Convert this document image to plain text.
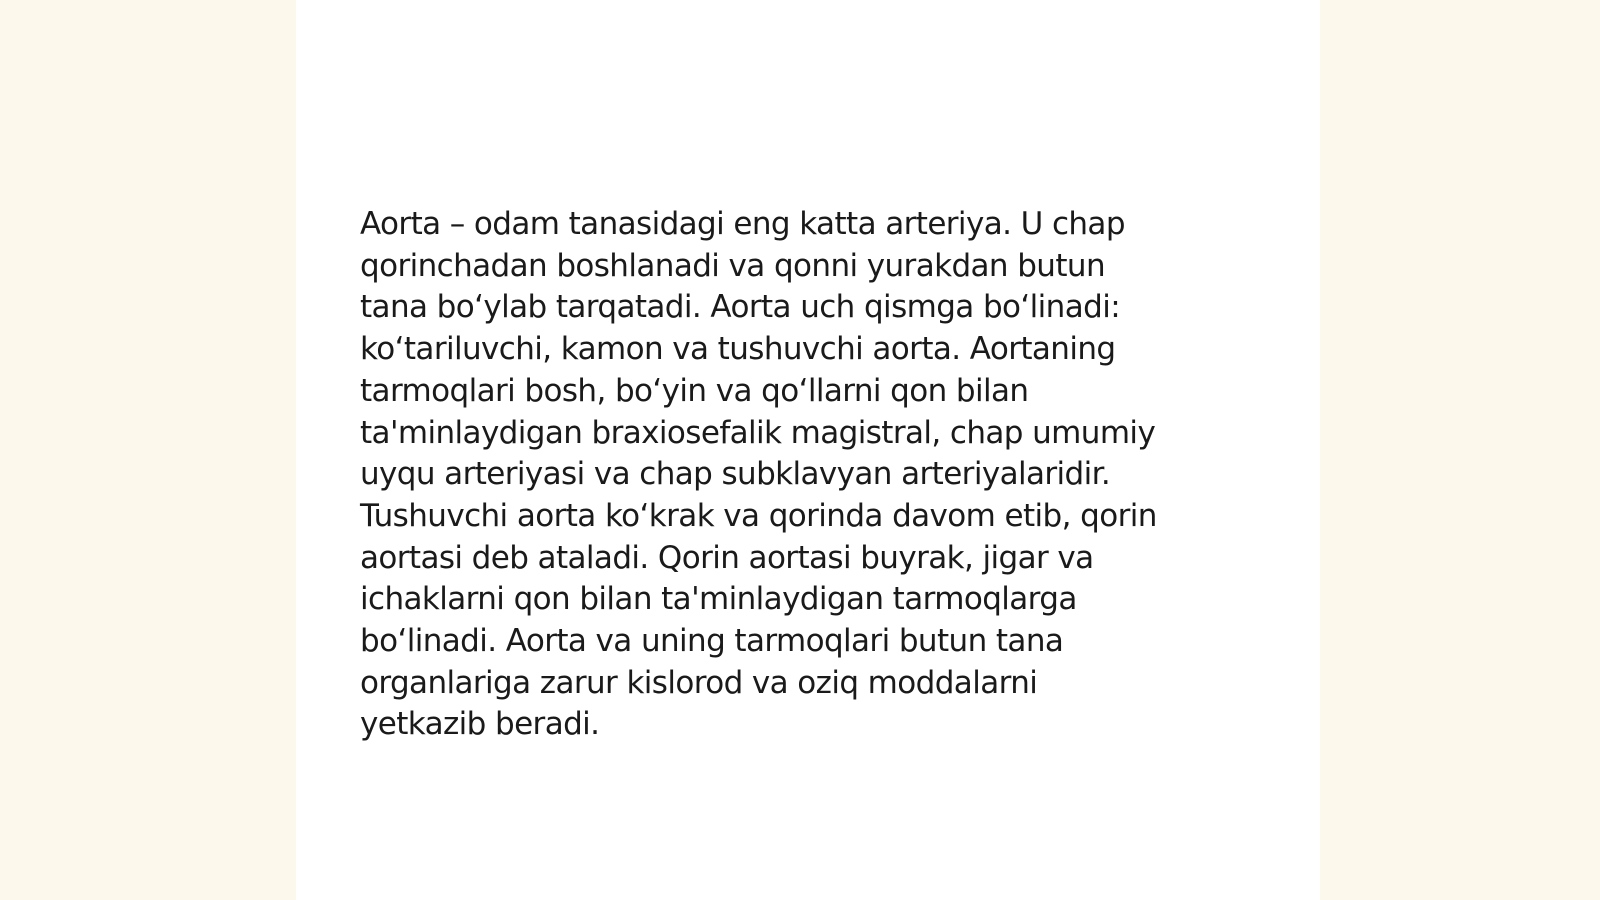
Aorta – odam tanasidagi eng katta arteriya. U chap
qorinchadan boshlanadi va qonni yurakdan butun
tana bo‘ylab tarqatadi. Aorta uch qismga bo‘linadi:
ko‘tariluvchi, kamon va tushuvchi aorta. Aortaning
tarmoqlari bosh, bo‘yin va qo‘llarni qon bilan
ta'minlaydigan braxiosefalik magistral, chap umumiy
uyqu arteriyasi va chap subklavyan arteriyalaridir.
Tushuvchi aorta ko‘krak va qorinda davom etib, qorin
aortasi deb ataladi. Qorin aortasi buyrak, jigar va
ichaklarni qon bilan ta'minlaydigan tarmoqlarga
bo‘linadi. Aorta va uning tarmoqlari butun tana
organlariga zarur kislorod va oziq moddalarni
yetkazib beradi.
